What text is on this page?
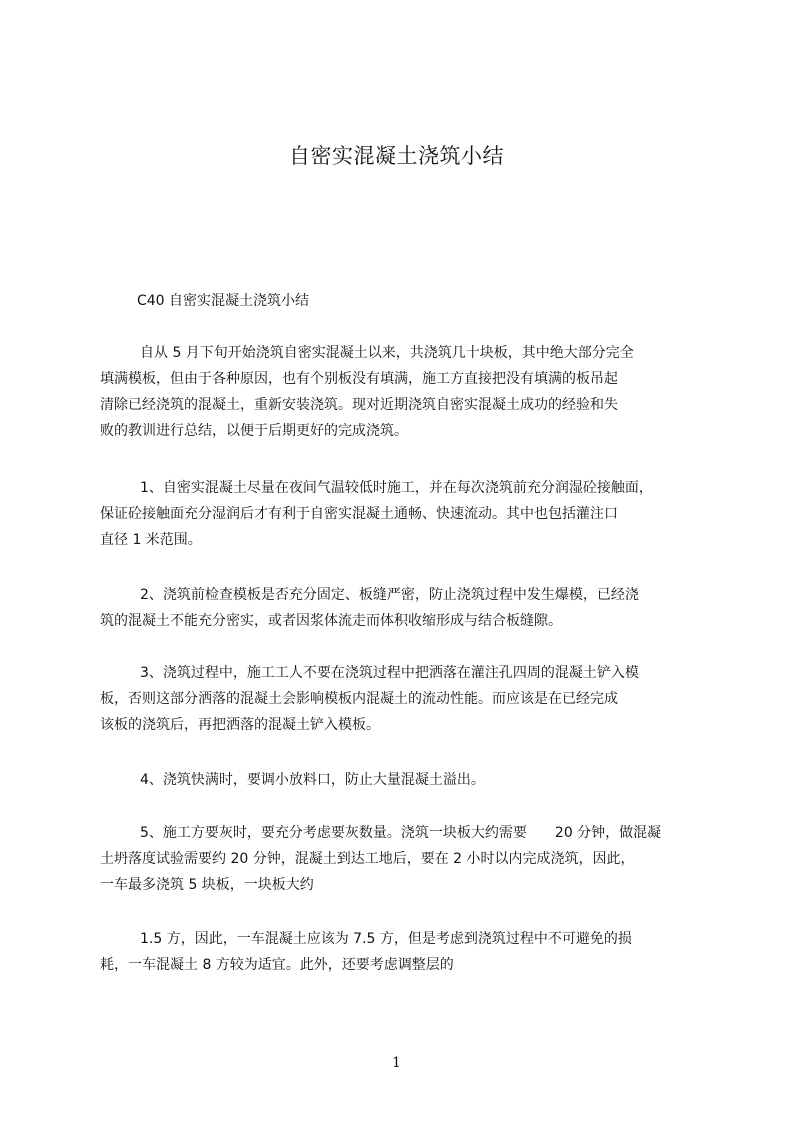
自密实混凝土浇筑小结
C40 自密实混凝土浇筑小结

自从 5 月下旬开始浇筑自密实混凝土以来，共浇筑几十块板，其中绝大部分完全
填满模板，但由于各种原因，也有个别板没有填满，施工方直接把没有填满的板吊起
清除已经浇筑的混凝土，重新安装浇筑。现对近期浇筑自密实混凝土成功的经验和失
败的教训进行总结，以便于后期更好的完成浇筑。

1、自密实混凝土尽量在夜间气温较低时施工，并在每次浇筑前充分润湿砼接触面，
保证砼接触面充分湿润后才有利于自密实混凝土通畅、快速流动。其中也包括灌注口
直径 1 米范围。

2、浇筑前检查模板是否充分固定、板缝严密，防止浇筑过程中发生爆模，已经浇
筑的混凝土不能充分密实，或者因浆体流走而体积收缩形成与结合板缝隙。

3、浇筑过程中，施工工人不要在浇筑过程中把洒落在灌注孔四周的混凝土铲入模
板，否则这部分洒落的混凝土会影响模板内混凝土的流动性能。而应该是在已经完成
该板的浇筑后，再把洒落的混凝土铲入模板。

4、浇筑快满时，要调小放料口，防止大量混凝土溢出。

5、施工方要灰时，要充分考虑要灰数量。浇筑一块板大约需要　　20 分钟，做混凝
土坍落度试验需要约 20 分钟，混凝土到达工地后，要在 2 小时以内完成浇筑，因此，
一车最多浇筑 5 块板，一块板大约

1.5 方，因此，一车混凝土应该为 7.5 方，但是考虑到浇筑过程中不可避免的损
耗，一车混凝土 8 方较为适宜。此外，还要考虑调整层的

1
